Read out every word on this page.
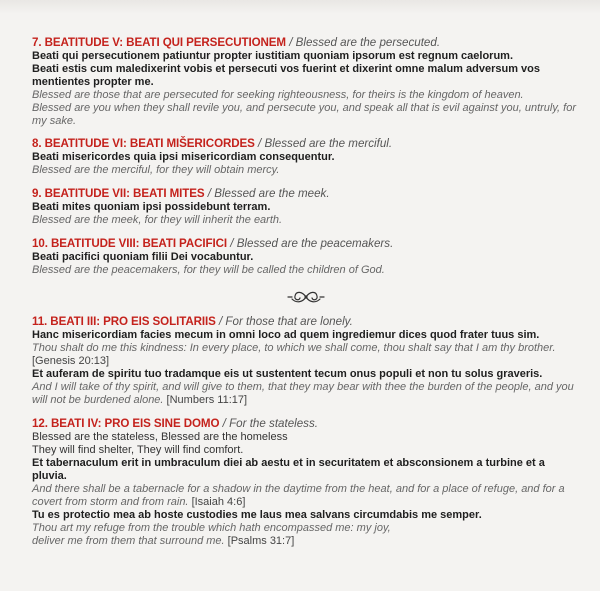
7. BEATITUDE V: BEATI QUI PERSECUTIONEM / Blessed are the persecuted.
Beati qui persecutionem patiuntur propter iustitiam quoniam ipsorum est regnum caelorum.
Beati estis cum maledixerint vobis et persecuti vos fuerint et dixerint omne malum adversum vos mentientes propter me.
Blessed are those that are persecuted for seeking righteousness, for theirs is the kingdom of heaven.
Blessed are you when they shall revile you, and persecute you, and speak all that is evil against you, untruly, for my sake.
8. BEATITUDE VI: BEATI MIŠERICORDES / Blessed are the merciful.
Beati misericordes quia ipsi misericordiam consequentur.
Blessed are the merciful, for they will obtain mercy.
9. BEATITUDE VII: BEATI MITES / Blessed are the meek.
Beati mites quoniam ipsi possidebunt terram.
Blessed are the meek, for they will inherit the earth.
10. BEATITUDE VIII: BEATI PACIFICI / Blessed are the peacemakers.
Beati pacifici quoniam filii Dei vocabuntur.
Blessed are the peacemakers, for they will be called the children of God.
11. BEATI III: PRO EIS SOLITARIIS / For those that are lonely.
Hanc misericordiam facies mecum in omni loco ad quem ingrediemur dices quod frater tuus sim.
Thou shalt do me this kindness: In every place, to which we shall come, thou shalt say that I am thy brother. [Genesis 20:13]
Et auferam de spiritu tuo tradamque eis ut sustentent tecum onus populi et non tu solus graveris.
And I will take of thy spirit, and will give to them, that they may bear with thee the burden of the people, and you will not be burdened alone. [Numbers 11:17]
12. BEATI IV: PRO EIS SINE DOMO / For the stateless.
Blessed are the stateless, Blessed are the homeless
They will find shelter, They will find comfort.
Et tabernaculum erit in umbraculum diei ab aestu et in securitatem et absconsionem a turbine et a pluvia.
And there shall be a tabernacle for a shadow in the daytime from the heat, and for a place of refuge, and for a covert from storm and from rain. [Isaiah 4:6]
Tu es protectio mea ab hoste custodies me laus mea salvans circumdabis me semper.
Thou art my refuge from the trouble which hath encompassed me: my joy,
deliver me from them that surround me. [Psalms 31:7]
